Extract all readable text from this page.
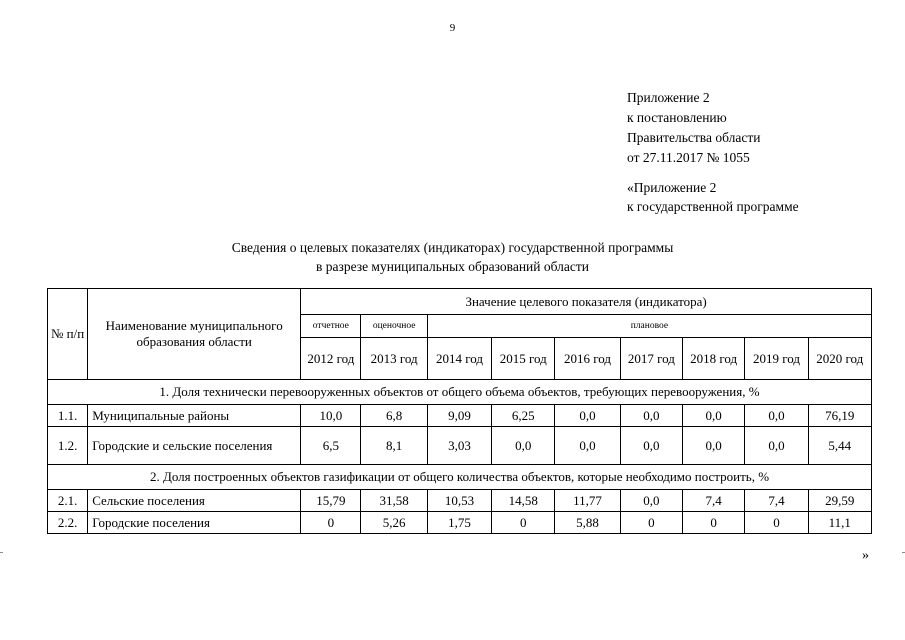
9
Приложение 2
к постановлению
Правительства области
от 27.11.2017 № 1055
«Приложение 2
к государственной программе
Сведения о целевых показателях (индикаторах) государственной программы
в разрезе муниципальных образований области
№ п/п	Наименование муниципального образования области	Значение целевого показателя (индикатора)								
		отчетное	оценочное	плановое						
		2012 год	2013 год	2014 год	2015 год	2016 год	2017 год	2018 год	2019 год	2020 год
1. Доля технически перевооруженных объектов от общего объема объектов, требующих перевооружения, %										
1.1.	Муниципальные районы	10,0	6,8	9,09	6,25	0,0	0,0	0,0	0,0	76,19
1.2.	Городские и сельские поселения	6,5	8,1	3,03	0,0	0,0	0,0	0,0	0,0	5,44
2. Доля построенных объектов газификации от общего количества объектов, которые необходимо построить, %										
2.1.	Сельские поселения	15,79	31,58	10,53	14,58	11,77	0,0	7,4	7,4	29,59
2.2.	Городские поселения	0	5,26	1,75	0	5,88	0	0	0	11,1
»
